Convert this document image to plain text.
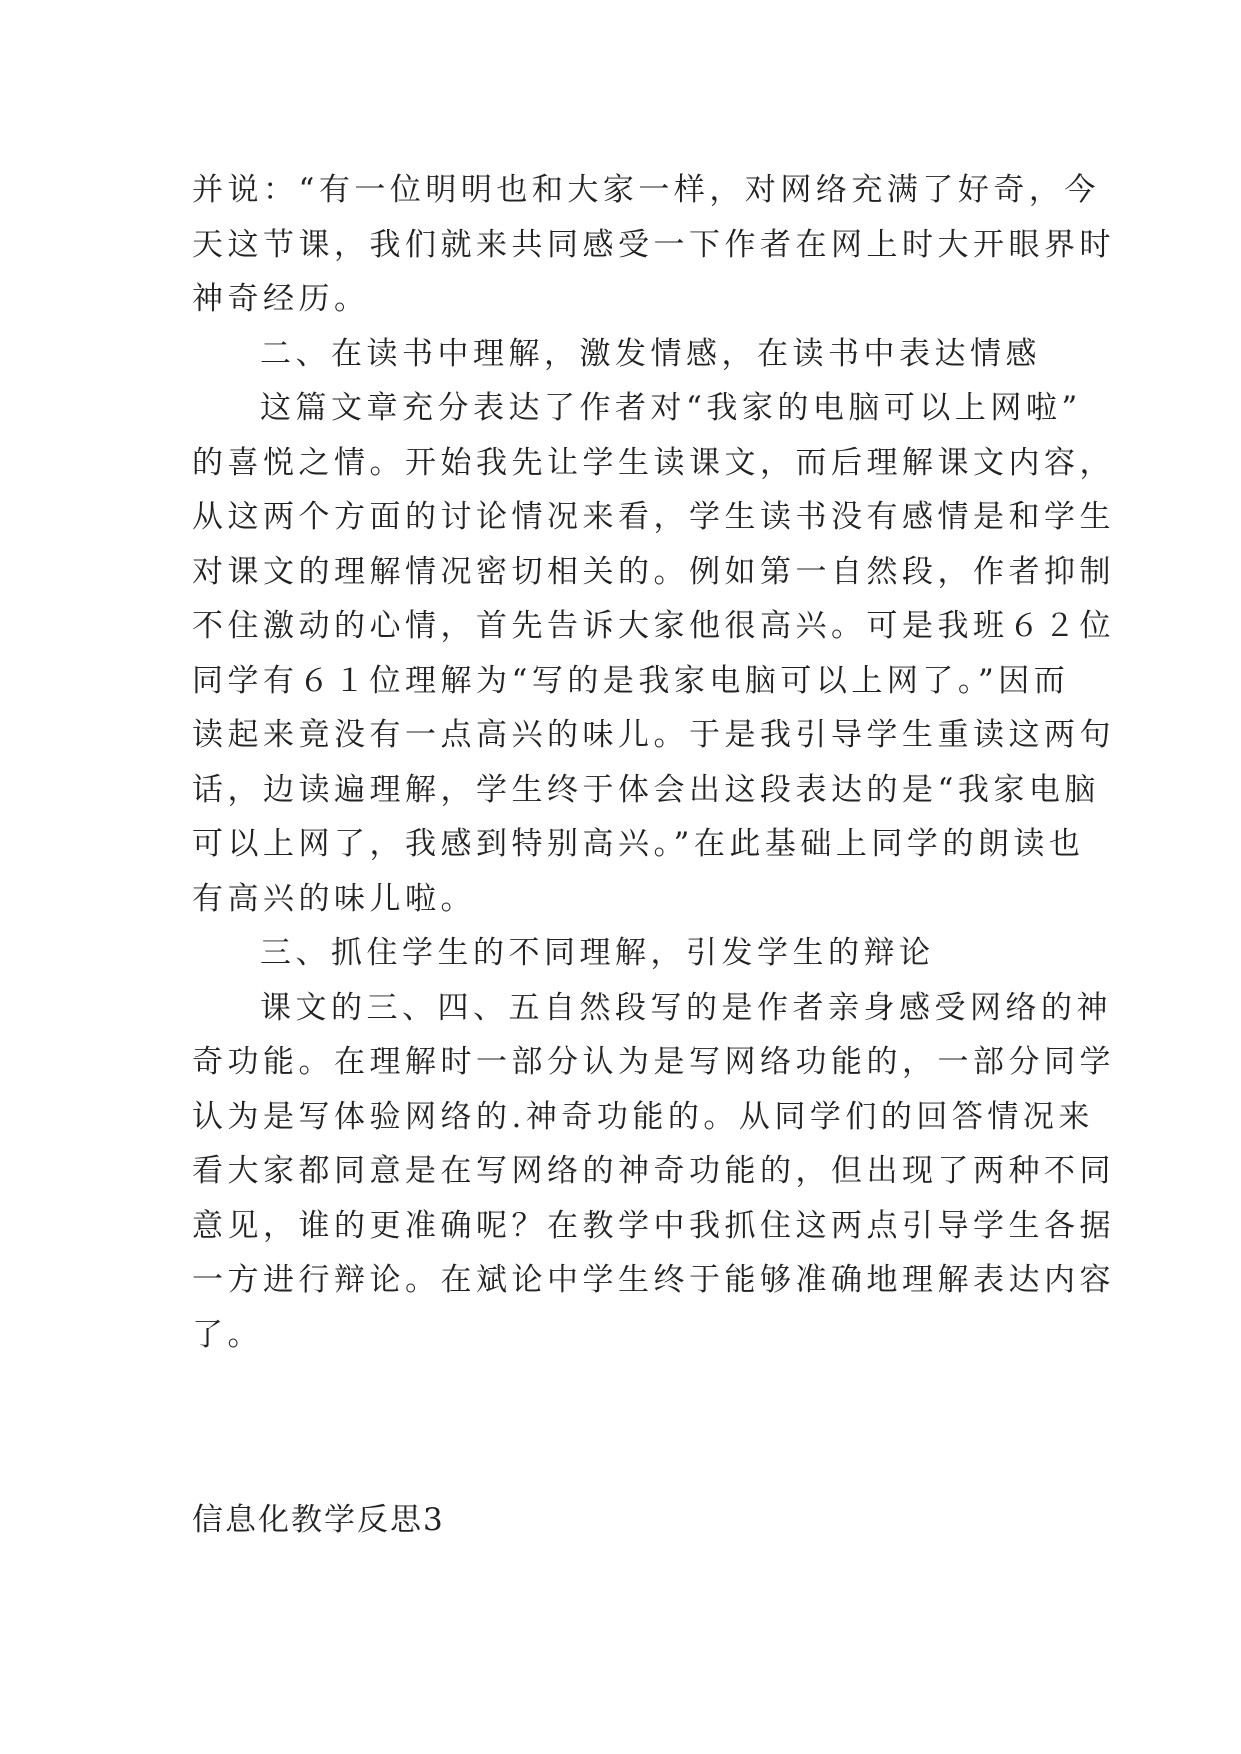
并说：“有一位明明也和大家一样，对网络充满了好奇，今
天这节课，我们就来共同感受一下作者在网上时大开眼界时
神奇经历。
二、在读书中理解，激发情感，在读书中表达情感
这篇文章充分表达了作者对“我家的电脑可以上网啦”
的喜悦之情。开始我先让学生读课文，而后理解课文内容，
从这两个方面的讨论情况来看，学生读书没有感情是和学生
对课文的理解情况密切相关的。例如第一自然段，作者抑制
不住激动的心情，首先告诉大家他很高兴。可是我班６２位
同学有６１位理解为“写的是我家电脑可以上网了。”因而
读起来竟没有一点高兴的味儿。于是我引导学生重读这两句
话，边读遍理解，学生终于体会出这段表达的是“我家电脑
可以上网了，我感到特别高兴。”在此基础上同学的朗读也
有高兴的味儿啦。
三、抓住学生的不同理解，引发学生的辩论
课文的三、四、五自然段写的是作者亲身感受网络的神
奇功能。在理解时一部分认为是写网络功能的，一部分同学
认为是写体验网络的.神奇功能的。从同学们的回答情况来
看大家都同意是在写网络的神奇功能的，但出现了两种不同
意见，谁的更准确呢？在教学中我抓住这两点引导学生各据
一方进行辩论。在斌论中学生终于能够准确地理解表达内容
了。
信息化教学反思3
